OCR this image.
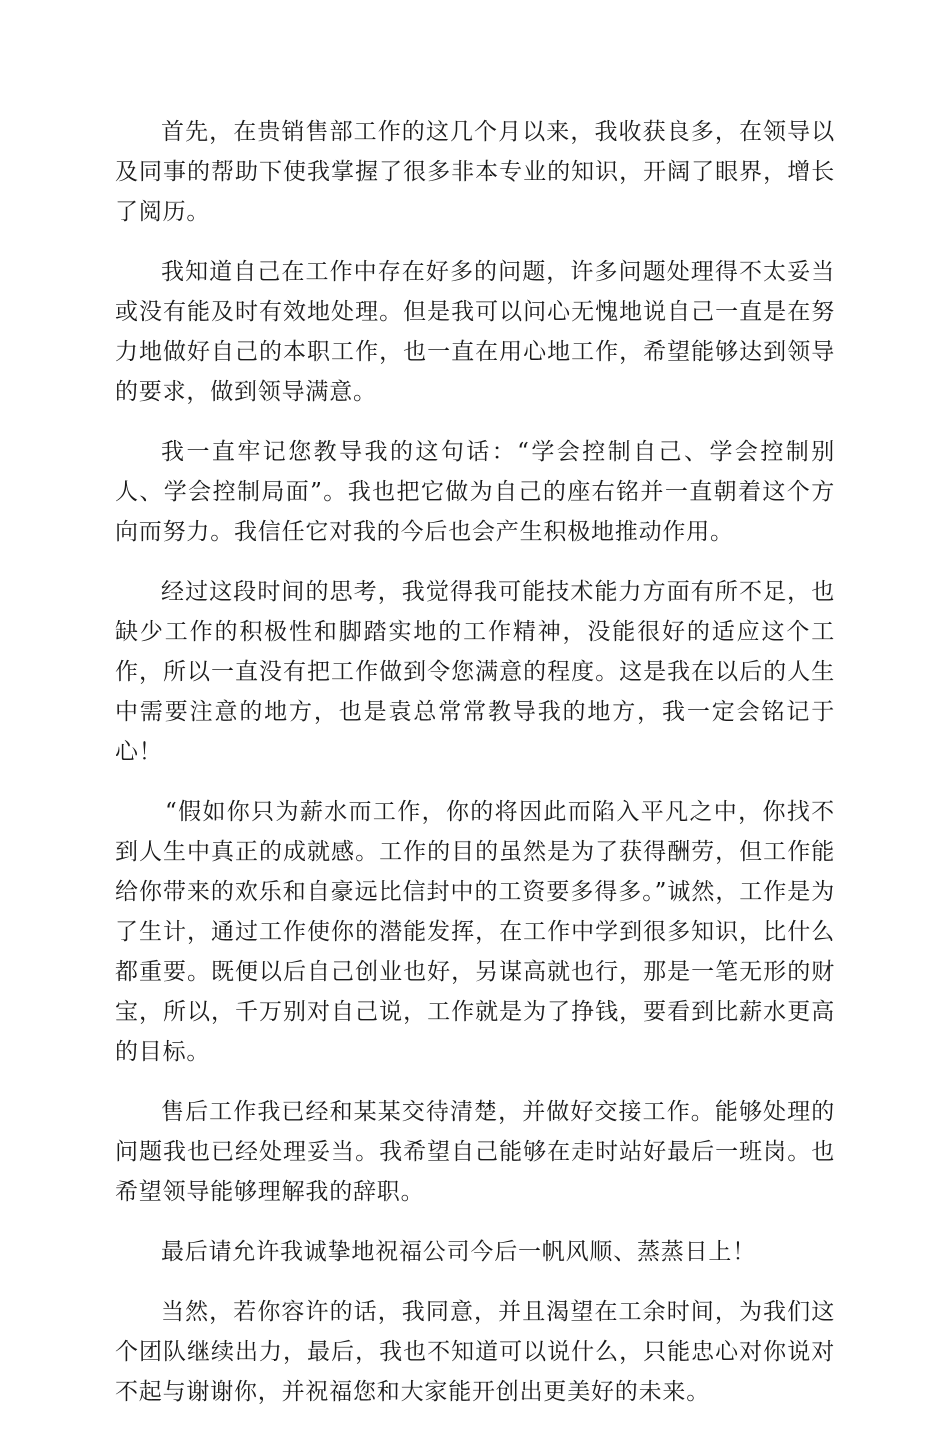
首先，在贵销售部工作的这几个月以来，我收获良多，在领导以及同事的帮助下使我掌握了很多非本专业的知识，开阔了眼界，增长了阅历。

我知道自己在工作中存在好多的问题，许多问题处理得不太妥当或没有能及时有效地处理。但是我可以问心无愧地说自己一直是在努力地做好自己的本职工作，也一直在用心地工作，希望能够达到领导的要求，做到领导满意。

我一直牢记您教导我的这句话：“学会控制自己、学会控制别人、学会控制局面”。我也把它做为自己的座右铭并一直朝着这个方向而努力。我信任它对我的今后也会产生积极地推动作用。

经过这段时间的思考，我觉得我可能技术能力方面有所不足，也缺少工作的积极性和脚踏实地的工作精神，没能很好的适应这个工作，所以一直没有把工作做到令您满意的程度。这是我在以后的人生中需要注意的地方，也是袁总常常教导我的地方，我一定会铭记于心！

“假如你只为薪水而工作，你的将因此而陷入平凡之中，你找不到人生中真正的成就感。工作的目的虽然是为了获得酬劳，但工作能给你带来的欢乐和自豪远比信封中的工资要多得多。”诚然，工作是为了生计，通过工作使你的潜能发挥，在工作中学到很多知识，比什么都重要。既便以后自己创业也好，另谋高就也行，那是一笔无形的财宝，所以，千万别对自己说，工作就是为了挣钱，要看到比薪水更高的目标。

售后工作我已经和某某交待清楚，并做好交接工作。能够处理的问题我也已经处理妥当。我希望自己能够在走时站好最后一班岗。也希望领导能够理解我的辞职。

最后请允许我诚挚地祝福公司今后一帆风顺、蒸蒸日上！

当然，若你容许的话，我同意，并且渴望在工余时间，为我们这个团队继续出力，最后，我也不知道可以说什么，只能忠心对你说对不起与谢谢你，并祝福您和大家能开创出更美好的未来。
